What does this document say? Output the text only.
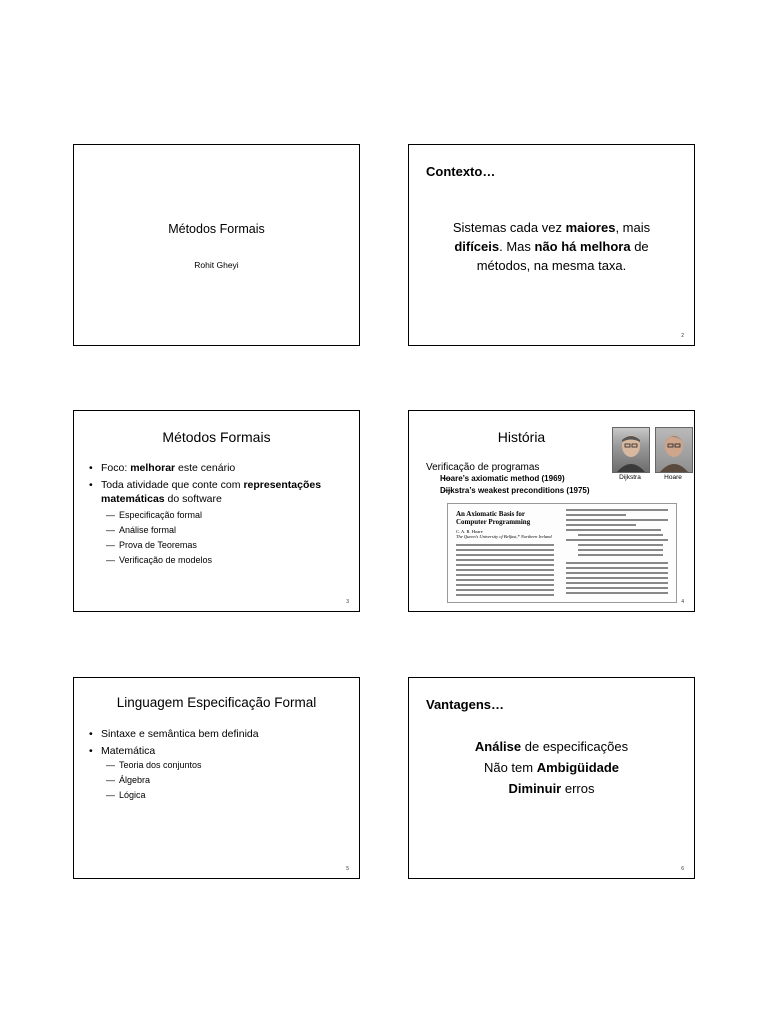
Métodos Formais
Rohit Gheyi
Contexto…
Sistemas cada vez maiores, mais
difíceis. Mas não há melhora de
métodos, na mesma taxa.
2
Métodos Formais
• Foco: melhorar este cenário
• Toda atividade que conte com representações
matemáticas do software
— Especificação formal
— Análise formal
— Prova de Teoremas
— Verificação de modelos
3
História
Dijkstra	Hoare
Verificação de programas
— Hoare’s axiomatic method (1969)
— Dijkstra’s weakest preconditions (1975)
An Axiomatic Basis for Computer Programming
C. A. R. Hoare
The Queen’s University of Belfast,* Northern Ireland
4
Linguagem Especificação Formal
• Sintaxe e semântica bem definida
• Matemática
— Teoria dos conjuntos
— Álgebra
— Lógica
5
Vantagens…
Análise de especificações
Não tem Ambigüidade
Diminuir erros
6
